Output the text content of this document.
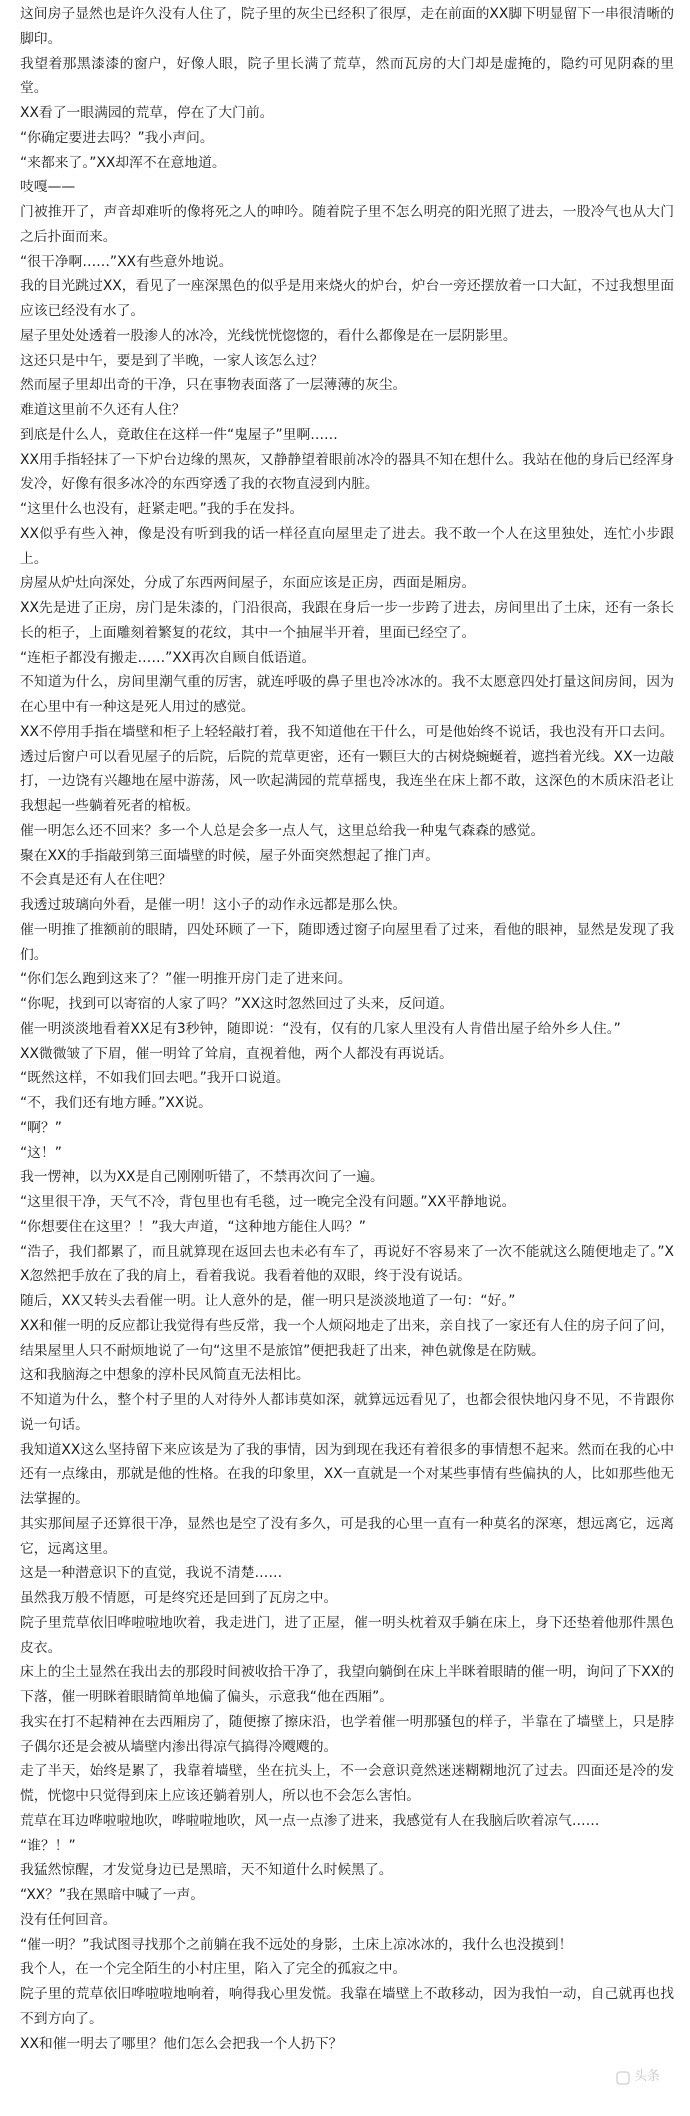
这间房子显然也是许久没有人住了，院子里的灰尘已经积了很厚，走在前面的XX脚下明显留下一串很清晰的脚印。

我望着那黑漆漆的窗户，好像人眼，院子里长满了荒草，然而瓦房的大门却是虚掩的，隐约可见阴森的里堂。

XX看了一眼满园的荒草，停在了大门前。

“你确定要进去吗？”我小声问。

“来都来了。”XX却浑不在意地道。

吱嘎——

门被推开了，声音却难听的像将死之人的呻吟。随着院子里不怎么明亮的阳光照了进去，一股冷气也从大门之后扑面而来。

“很干净啊……”XX有些意外地说。

我的目光跳过XX，看见了一座深黑色的似乎是用来烧火的炉台，炉台一旁还摆放着一口大缸，不过我想里面应该已经没有水了。

屋子里处处透着一股渗人的冰冷，光线恍恍惚惚的，看什么都像是在一层阴影里。

这还只是中午，要是到了半晚，一家人该怎么过？

然而屋子里却出奇的干净，只在事物表面落了一层薄薄的灰尘。

难道这里前不久还有人住？

到底是什么人，竟敢住在这样一件“鬼屋子”里啊……

XX用手指轻抹了一下炉台边缘的黑灰，又静静望着眼前冰冷的器具不知在想什么。我站在他的身后已经浑身发冷，好像有很多冰冷的东西穿透了我的衣物直浸到内脏。

“这里什么也没有，赶紧走吧。”我的手在发抖。

XX似乎有些入神，像是没有听到我的话一样径直向屋里走了进去。我不敢一个人在这里独处，连忙小步跟上。

房屋从炉灶向深处，分成了东西两间屋子，东面应该是正房，西面是厢房。

XX先是进了正房，房门是朱漆的，门沿很高，我跟在身后一步一步跨了进去，房间里出了土床，还有一条长长的柜子，上面雕刻着繁复的花纹，其中一个抽屉半开着，里面已经空了。

“连柜子都没有搬走……”XX再次自顾自低语道。

不知道为什么，房间里潮气重的厉害，就连呼吸的鼻子里也冷冰冰的。我不太愿意四处打量这间房间，因为在心里中有一种这是死人用过的感觉。

XX不停用手指在墙壁和柜子上轻轻敲打着，我不知道他在干什么，可是他始终不说话，我也没有开口去问。

透过后窗户可以看见屋子的后院，后院的荒草更密，还有一颗巨大的古树烧蜿蜒着，遮挡着光线。XX一边敲打，一边饶有兴趣地在屋中游荡，风一吹起满园的荒草摇曳，我连坐在床上都不敢，这深色的木质床沿老让我想起一些躺着死者的棺板。

催一明怎么还不回来？多一个人总是会多一点人气，这里总给我一种鬼气森森的感觉。

聚在XX的手指敲到第三面墙壁的时候，屋子外面突然想起了推门声。

不会真是还有人在住吧？

我透过玻璃向外看，是催一明！这小子的动作永远都是那么快。

催一明推了推额前的眼睛，四处环顾了一下，随即透过窗子向屋里看了过来，看他的眼神，显然是发现了我们。

“你们怎么跑到这来了？”催一明推开房门走了进来问。

“你呢，找到可以寄宿的人家了吗？”XX这时忽然回过了头来，反问道。

催一明淡淡地看着XX足有3秒钟，随即说：“没有，仅有的几家人里没有人肯借出屋子给外乡人住。”

XX微微皱了下眉，催一明耸了耸肩，直视着他，两个人都没有再说话。

“既然这样，不如我们回去吧。”我开口说道。

“不，我们还有地方睡。”XX说。

“啊？”

“这！”

我一愣神，以为XX是自己刚刚听错了，不禁再次问了一遍。

“这里很干净，天气不冷，背包里也有毛毯，过一晚完全没有问题。”XX平静地说。

“你想要住在这里？！”我大声道，“这种地方能住人吗？”

“浩子，我们都累了，而且就算现在返回去也未必有车了，再说好不容易来了一次不能就这么随便地走了。”XX忽然把手放在了我的肩上，看着我说。我看着他的双眼，终于没有说话。

随后，XX又转头去看催一明。让人意外的是，催一明只是淡淡地道了一句：“好。”

XX和催一明的反应都让我觉得有些反常，我一个人烦闷地走了出来，亲自找了一家还有人住的房子问了问，结果屋里人只不耐烦地说了一句“这里不是旅馆”便把我赶了出来，神色就像是在防贼。

这和我脑海之中想象的淳朴民风简直无法相比。

不知道为什么，整个村子里的人对待外人都讳莫如深，就算远远看见了，也都会很快地闪身不见，不肯跟你说一句话。

我知道XX这么坚持留下来应该是为了我的事情，因为到现在我还有着很多的事情想不起来。然而在我的心中还有一点缘由，那就是他的性格。在我的印象里，XX一直就是一个对某些事情有些偏执的人，比如那些他无法掌握的。

其实那间屋子还算很干净，显然也是空了没有多久，可是我的心里一直有一种莫名的深寒，想远离它，远离它，远离这里。

这是一种潜意识下的直觉，我说不清楚……

虽然我万般不情愿，可是终究还是回到了瓦房之中。

院子里荒草依旧哗啦啦地吹着，我走进门，进了正屋，催一明头枕着双手躺在床上，身下还垫着他那件黑色皮衣。

床上的尘土显然在我出去的那段时间被收拾干净了，我望向躺倒在床上半眯着眼睛的催一明，询问了下XX的下落，催一明眯着眼睛简单地偏了偏头，示意我“他在西厢”。

我实在打不起精神在去西厢房了，随便擦了擦床沿，也学着催一明那骚包的样子，半靠在了墙壁上，只是脖子偶尔还是会被从墙壁内渗出得凉气搞得冷飕飕的。

走了半天，始终是累了，我靠着墙壁，坐在抗头上，不一会意识竟然迷迷糊糊地沉了过去。四面还是冷的发慌，恍惚中只觉得到床上应该还躺着别人，所以也不会怎么害怕。

荒草在耳边哗啦啦地吹，哗啦啦地吹，风一点一点渗了进来，我感觉有人在我脑后吹着凉气……

“谁？！”

我猛然惊醒，才发觉身边已是黑暗，天不知道什么时候黑了。

“XX？”我在黑暗中喊了一声。

没有任何回音。

“催一明？”我试图寻找那个之前躺在我不远处的身影，土床上凉冰冰的，我什么也没摸到！

我个人，在一个完全陌生的小村庄里，陷入了完全的孤寂之中。

院子里的荒草依旧哗啦啦地响着，响得我心里发慌。我靠在墙壁上不敢移动，因为我怕一动，自己就再也找不到方向了。

XX和催一明去了哪里？他们怎么会把我一个人扔下？

头条
